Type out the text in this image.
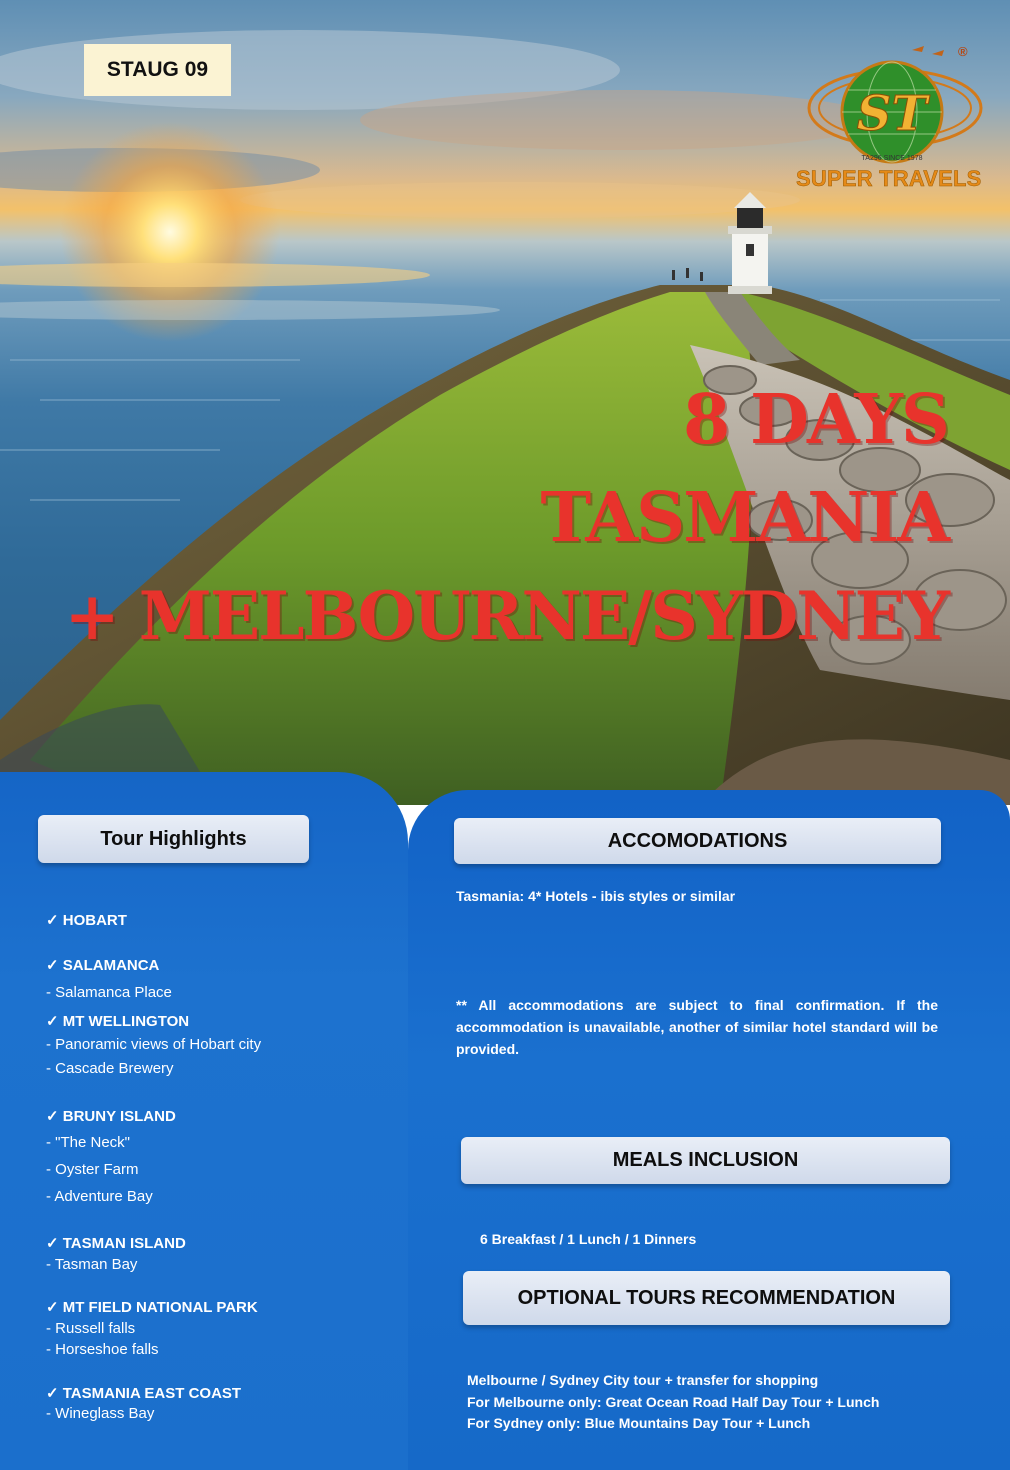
STAUG 09
ST
TA296 SINCE 1978
®
SUPER TRAVELS
8 DAYS
TASMANIA
+ MELBOURNE/SYDNEY
Tour Highlights
✓ HOBART
✓ SALAMANCA
- Salamanca Place
✓ MT WELLINGTON
- Panoramic views of Hobart city
- Cascade Brewery
✓ BRUNY ISLAND
- "The Neck"
- Oyster Farm
- Adventure Bay
✓ TASMAN ISLAND
- Tasman Bay
✓ MT FIELD NATIONAL PARK
- Russell falls
- Horseshoe falls
✓ TASMANIA EAST COAST
- Wineglass Bay
ACCOMODATIONS
Tasmania: 4* Hotels - ibis styles or similar
** All accommodations are subject to final confirmation. If the accommodation is unavailable, another of similar hotel standard will be provided.
MEALS INCLUSION
6 Breakfast / 1 Lunch / 1 Dinners
OPTIONAL TOURS RECOMMENDATION
Melbourne / Sydney City tour + transfer for shopping
For Melbourne only: Great Ocean Road Half Day Tour + Lunch
For Sydney only: Blue Mountains Day Tour + Lunch
